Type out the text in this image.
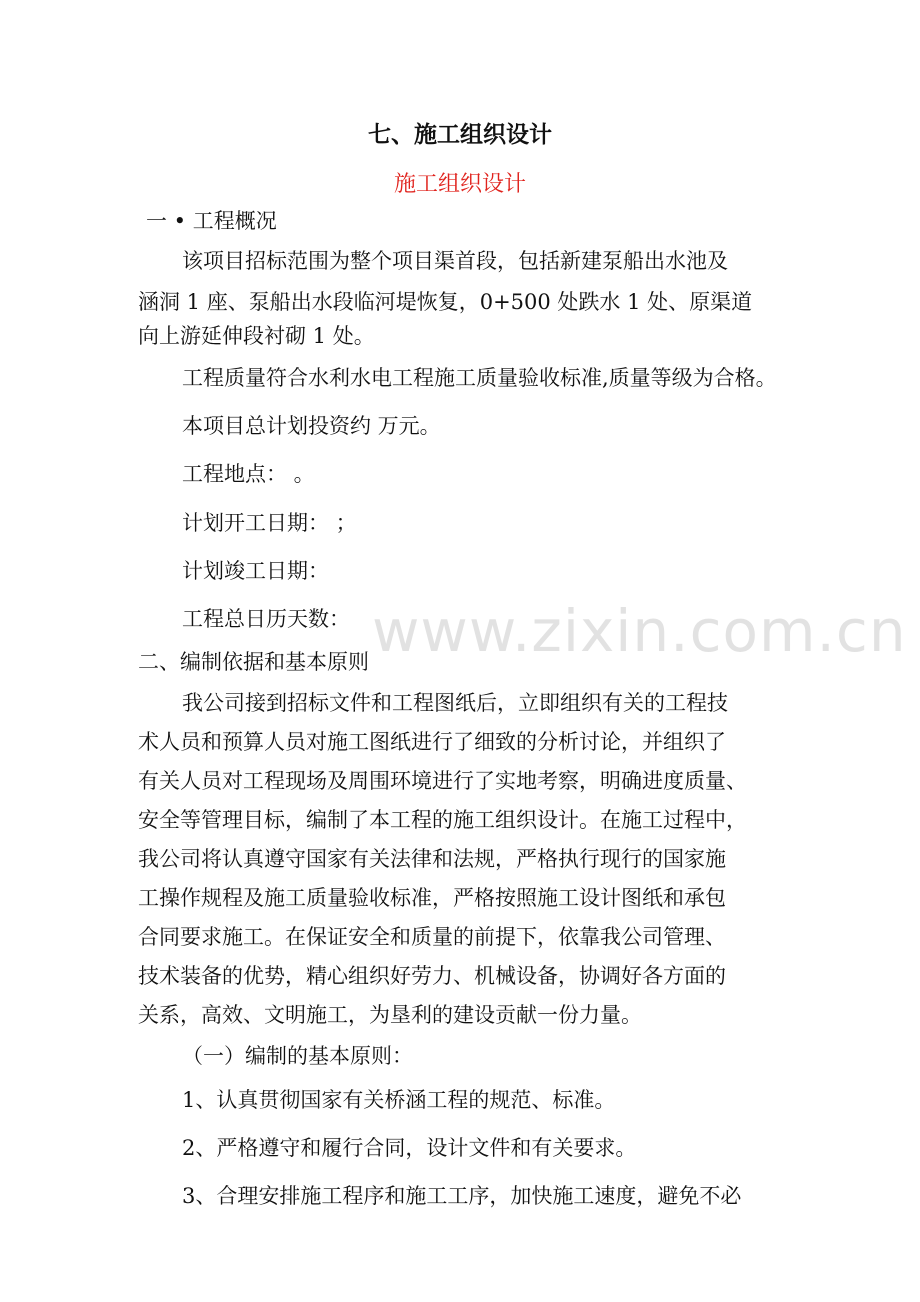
www.zixin.com.cn
七、施工组织设计
施工组织设计
一 • 工程概况
该项目招标范围为整个项目渠首段，包括新建泵船出水池及
涵洞 1 座、泵船出水段临河堤恢复，0+500 处跌水 1 处、原渠道
向上游延伸段衬砌 1 处。
工程质量符合水利水电工程施工质量验收标准,质量等级为合格。
本项目总计划投资约 万元。
工程地点： 。
计划开工日期： ；
计划竣工日期：
工程总日历天数：
二、编制依据和基本原则
我公司接到招标文件和工程图纸后，立即组织有关的工程技
术人员和预算人员对施工图纸进行了细致的分析讨论，并组织了
有关人员对工程现场及周围环境进行了实地考察，明确进度质量、
安全等管理目标，编制了本工程的施工组织设计。在施工过程中，
我公司将认真遵守国家有关法律和法规，严格执行现行的国家施
工操作规程及施工质量验收标准，严格按照施工设计图纸和承包
合同要求施工。在保证安全和质量的前提下，依靠我公司管理、
技术装备的优势，精心组织好劳力、机械设备，协调好各方面的
关系，高效、文明施工，为垦利的建设贡献一份力量。
（一）编制的基本原则：
1、认真贯彻国家有关桥涵工程的规范、标准。
2、严格遵守和履行合同，设计文件和有关要求。
3、合理安排施工程序和施工工序，加快施工速度，避免不必
